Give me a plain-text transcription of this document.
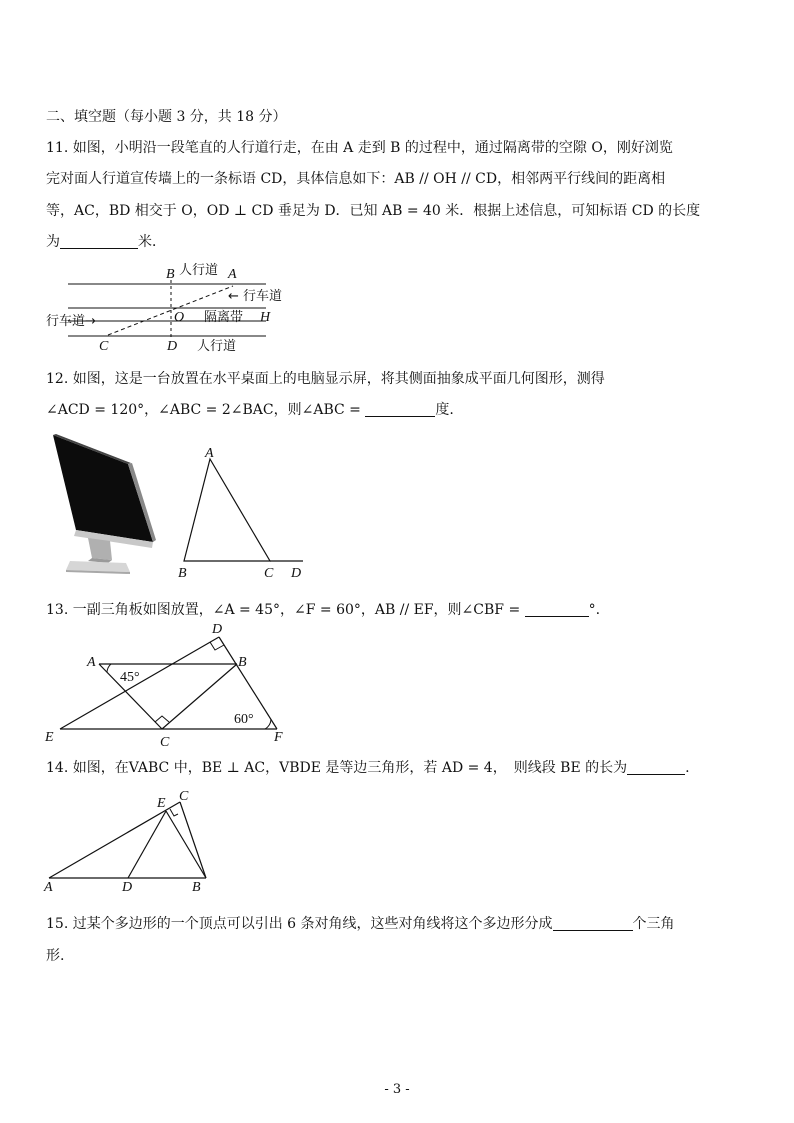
二、填空题（每小题 3 分，共 18 分）
11. 如图，小明沿一段笔直的人行道行走，在由 A 走到 B 的过程中，通过隔离带的空隙 O，刚好浏览
完对面人行道宣传墙上的一条标语 CD，具体信息如下：AB // OH // CD，相邻两平行线间的距离相
等，AC，BD 相交于 O，OD ⊥ CD 垂足为 D．已知 AB = 40 米．根据上述信息，可知标语 CD 的长度
为	米．
B 人行道 A
← 行车道
行车道→	O 隔离带 H
C	D 人行道
12. 如图，这是一台放置在水平桌面上的电脑显示屏，将其侧面抽象成平面几何图形，测得
∠ACD = 120°，∠ABC = 2∠BAC，则∠ABC =	度.
A
B	C D
13. 一副三角板如图放置，∠A = 45°，∠F = 60°，AB // EF，则∠CBF =	°.
A	B
D
E	C	F
45°
60°
14. 如图，在VABC 中，BE ⊥ AC，VBDE 是等边三角形，若 AD = 4，　则线段 BE 的长为	.
E C
A	D	B
15. 过某个多边形的一个顶点可以引出 6 条对角线，这些对角线将这个多边形分成	个三角
形.
- 3 -
